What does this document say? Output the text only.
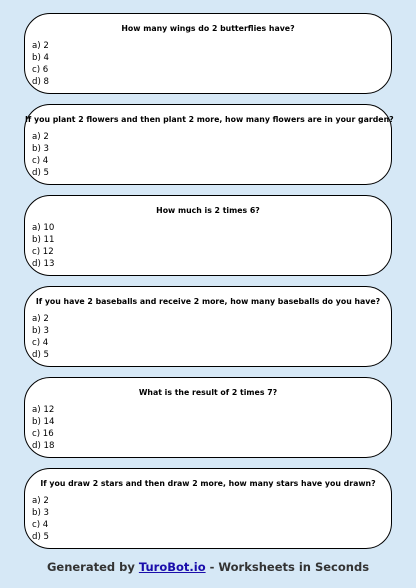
How many wings do 2 butterflies have?
a) 2
b) 4
c) 6
d) 8
If you plant 2 flowers and then plant 2 more, how many flowers are in your garden?
a) 2
b) 3
c) 4
d) 5
How much is 2 times 6?
a) 10
b) 11
c) 12
d) 13
If you have 2 baseballs and receive 2 more, how many baseballs do you have?
a) 2
b) 3
c) 4
d) 5
What is the result of 2 times 7?
a) 12
b) 14
c) 16
d) 18
If you draw 2 stars and then draw 2 more, how many stars have you drawn?
a) 2
b) 3
c) 4
d) 5
Generated by TuroBot.io - Worksheets in Seconds
